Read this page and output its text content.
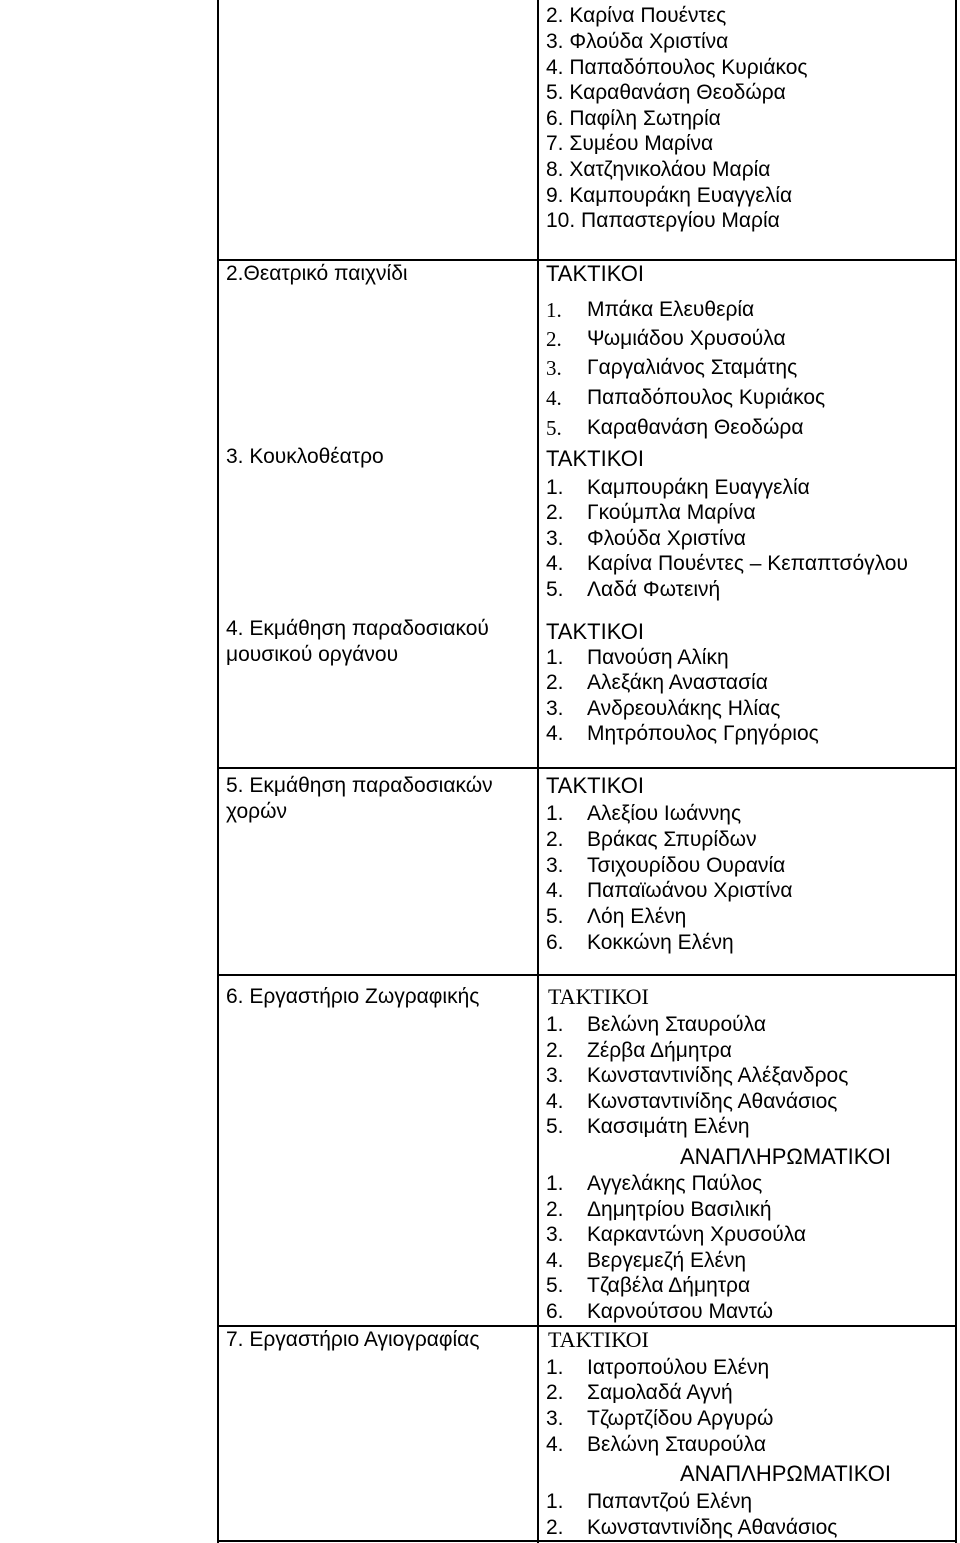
2. Καρίνα Πουέντες
3. Φλούδα Χριστίνα
4. Παπαδόπουλος Κυριάκος
5. Καραθανάση Θεοδώρα
6. Παφίλη Σωτηρία
7. Συμέου Μαρίνα
8. Χατζηνικολάου Μαρία
9. Καμπουράκη Ευαγγελία
10. Παπαστεργίου Μαρία
2.Θεατρικό παιχνίδι	ΤΑΚΤΙΚΟΙ
1. Μπάκα Ελευθερία
2. Ψωμιάδου Χρυσούλα
3. Γαργαλιάνος Σταμάτης
4. Παπαδόπουλος Κυριάκος
5. Καραθανάση Θεοδώρα
3. Κουκλοθέατρο	ΤΑΚΤΙΚΟΙ
1. Καμπουράκη Ευαγγελία
2. Γκούμπλα Μαρίνα
3. Φλούδα Χριστίνα
4. Καρίνα Πουέντες – Κεπαπτσόγλου
5. Λαδά Φωτεινή
4. Εκμάθηση παραδοσιακού
μουσικού οργάνου
ΤΑΚΤΙΚΟΙ
1. Πανούση Αλίκη
2. Αλεξάκη Αναστασία
3. Ανδρεουλάκης Ηλίας
4. Μητρόπουλος Γρηγόριος
5. Εκμάθηση παραδοσιακών
χορών
ΤΑΚΤΙΚΟΙ
1. Αλεξίου Ιωάννης
2. Βράκας Σπυρίδων
3. Τσιχουρίδου Ουρανία
4. Παπαϊωάνου Χριστίνα
5. Λόη Ελένη
6. Κοκκώνη Ελένη
6. Εργαστήριο Ζωγραφικής	ΤΑΚΤΙΚΟΙ
1. Βελώνη Σταυρούλα
2. Ζέρβα Δήμητρα
3. Κωνσταντινίδης Αλέξανδρος
4. Κωνσταντινίδης Αθανάσιος
5. Κασσιμάτη Ελένη
ΑΝΑΠΛΗΡΩΜΑΤΙΚΟΙ
1. Αγγελάκης Παύλος
2. Δημητρίου Βασιλική
3. Καρκαντώνη Χρυσούλα
4. Βεργεμεζή Ελένη
5. Τζαβέλα Δήμητρα
6. Καρνούτσου Μαντώ
7. Εργαστήριο Αγιογραφίας	ΤΑΚΤΙΚΟΙ
1. Ιατροπούλου Ελένη
2. Σαμολαδά Αγνή
3. Τζωρτζίδου Αργυρώ
4. Βελώνη Σταυρούλα
ΑΝΑΠΛΗΡΩΜΑΤΙΚΟΙ
1. Παπαντζού Ελένη
2. Κωνσταντινίδης Αθανάσιος
